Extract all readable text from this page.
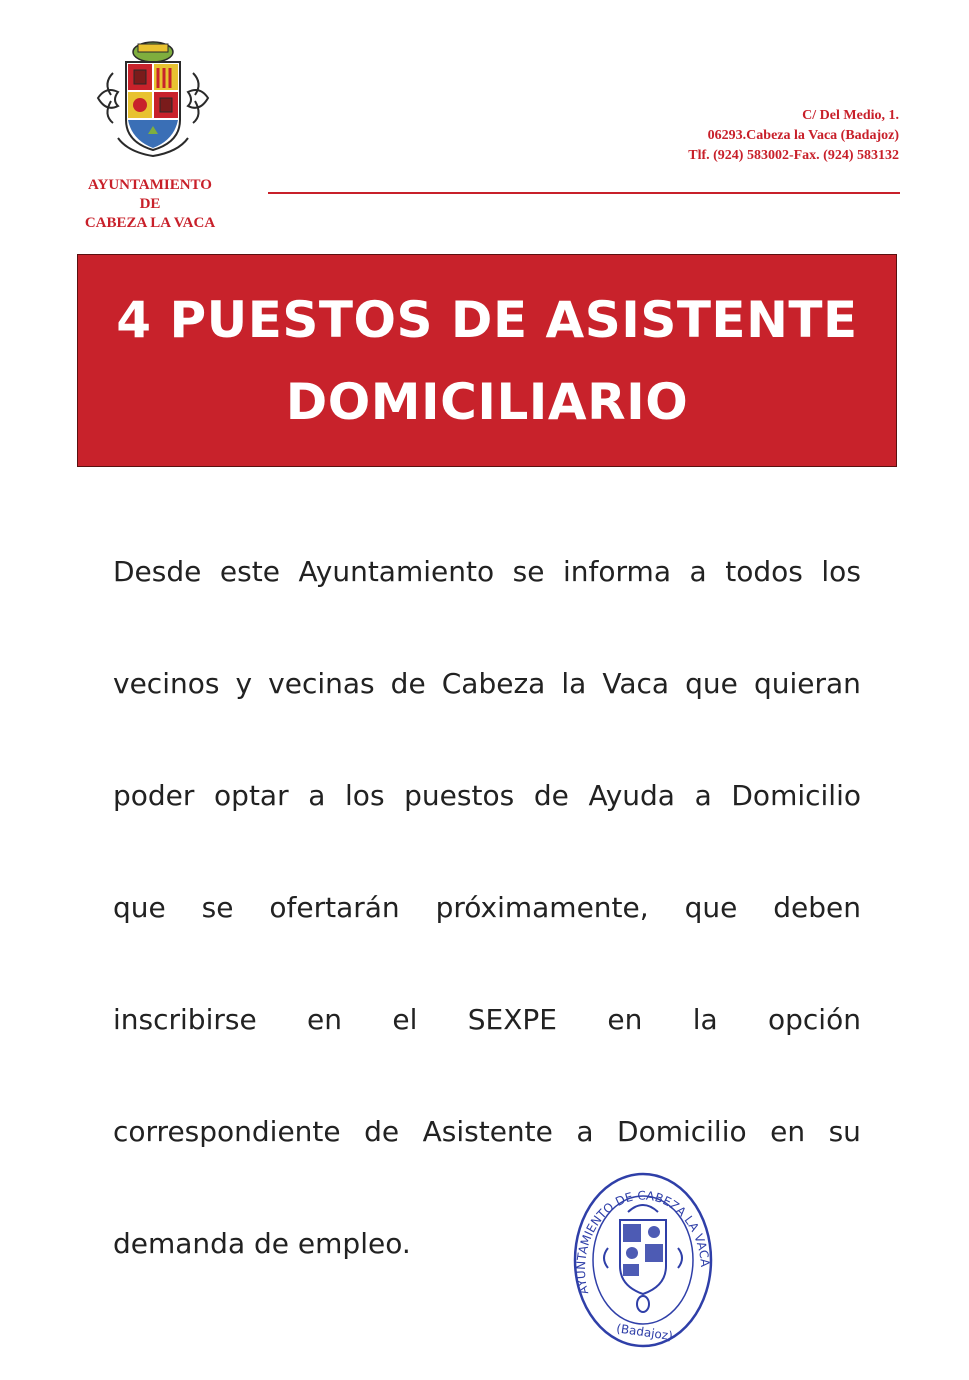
AYUNTAMIENTO
DE
CABEZA LA VACA
C/ Del Medio, 1.
06293.Cabeza la Vaca (Badajoz)
Tlf. (924) 583002-Fax. (924) 583132
4 PUESTOS DE ASISTENTE
DOMICILIARIO
Desde este Ayuntamiento se informa a todos los
vecinos y vecinas de Cabeza la Vaca que quieran
poder optar a los puestos de Ayuda a Domicilio
que se ofertarán próximamente, que deben
inscribirse en el SEXPE en la opción
correspondiente de Asistente a Domicilio en su
demanda de empleo.
AYUNTAMIENTO DE CABEZA LA VACA
(Badajoz)
